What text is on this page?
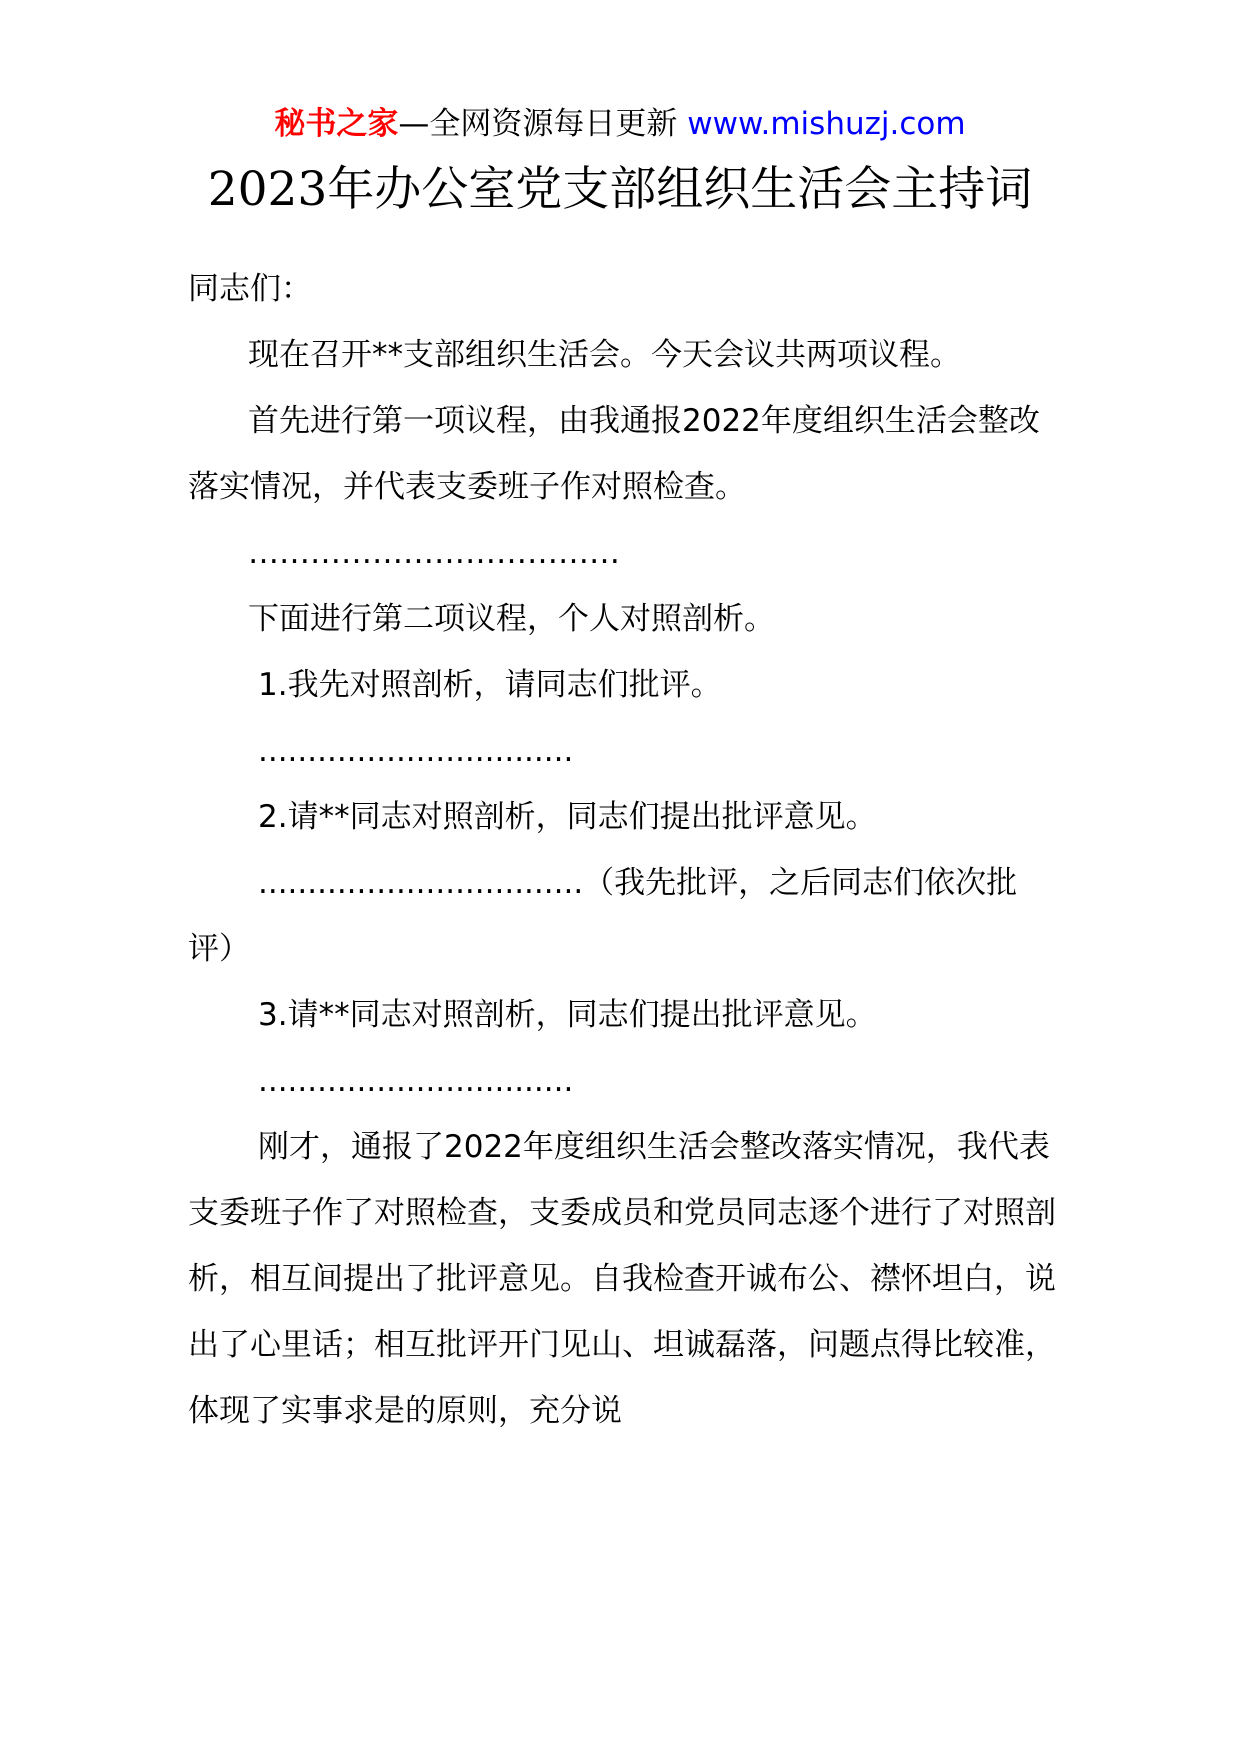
秘书之家—全网资源每日更新 www.mishuzj.com
2023年办公室党支部组织生活会主持词

同志们：

现在召开**支部组织生活会。今天会议共两项议程。

首先进行第一项议程，由我通报2022年度组织生活会整改落实情况，并代表支委班子作对照检查。

………………………………

下面进行第二项议程，个人对照剖析。

1.我先对照剖析，请同志们批评。

................................

2.请**同志对照剖析，同志们提出批评意见。

.................................（我先批评，之后同志们依次批评）

3.请**同志对照剖析，同志们提出批评意见。

................................

刚才，通报了2022年度组织生活会整改落实情况，我代表支委班子作了对照检查，支委成员和党员同志逐个进行了对照剖析，相互间提出了批评意见。自我检查开诚布公、襟怀坦白，说出了心里话；相互批评开门见山、坦诚磊落，问题点得比较准，体现了实事求是的原则，充分说
